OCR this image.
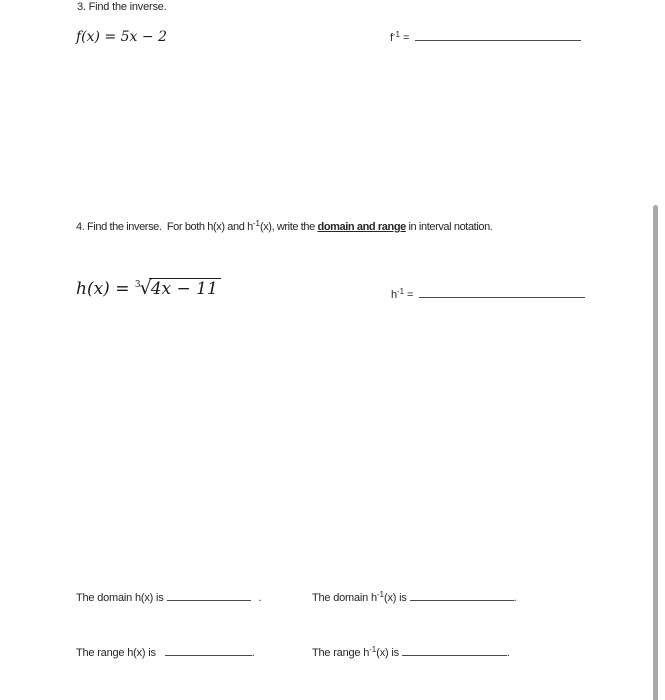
3. Find the inverse.
f(x) = 5x − 2	$f^{-1}$ =
4. Find the inverse.  For both h(x) and $h^{-1}(x)$, write the domain and range in interval notation.
h(x) = $^3$√4x − 11	$h^{-1}$ =
The domain h(x) is	.	The domain $h^{-1}(x)$ is	.
The range h(x) is	.	The range $h^{-1}(x)$ is	.
